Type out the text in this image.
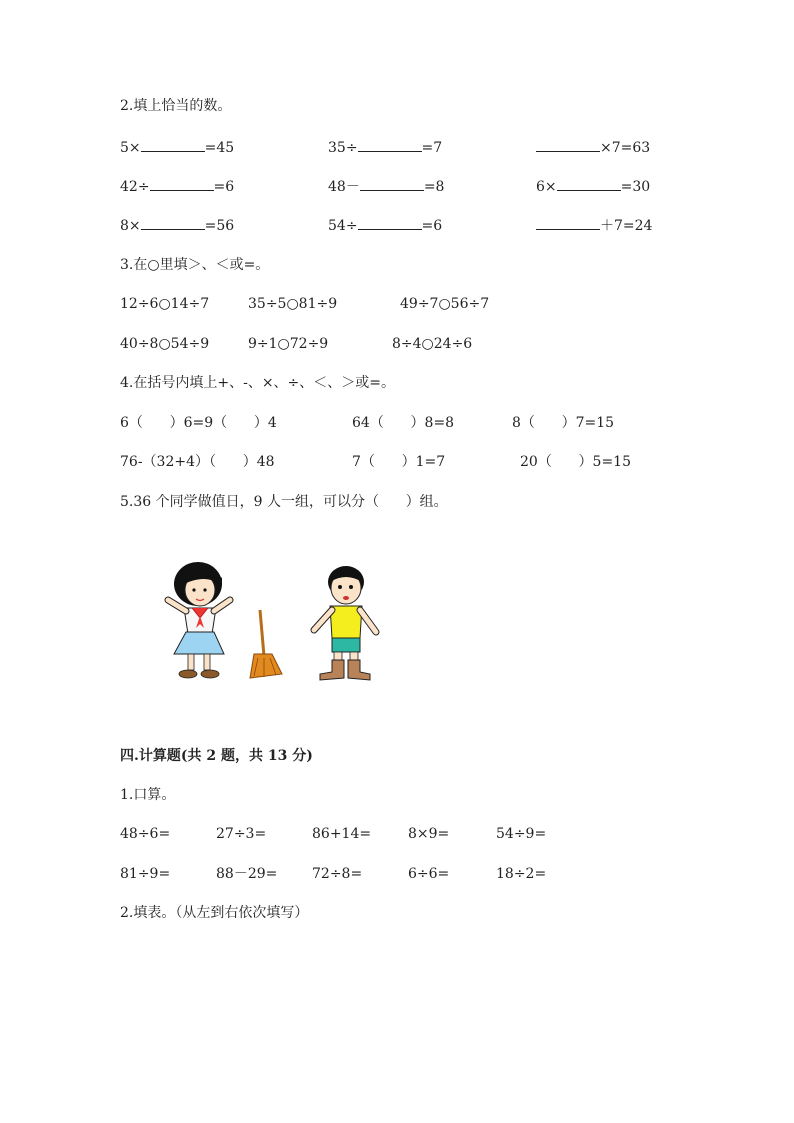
2.填上恰当的数。
5×	=45	35÷	=7	×7=63
42÷	=6	48－	=8	6×	=30
8×	=56	54÷	=6	＋7=24
3.在○里填＞、＜或=。
12÷6○14÷7	35÷5○81÷9	49÷7○56÷7
40÷8○54÷9	9÷1○72÷9	8÷4○24÷6
4.在括号内填上+、-、×、÷、＜、＞或=。
6（ ）6=9（ ）4	64（ ）8=8	8（ ）7=15
76-（32+4）（ ）48	7（ ）1=7	20（ ）5=15
5.36 个同学做值日，9 人一组，可以分（ ）组。
四.计算题(共 2 题，共 13 分)
1.口算。
48÷6=	27÷3=	86+14=	8×9=	54÷9=
81÷9=	88－29= 72÷8=	6÷6=	18÷2=
2.填表。（从左到右依次填写）
